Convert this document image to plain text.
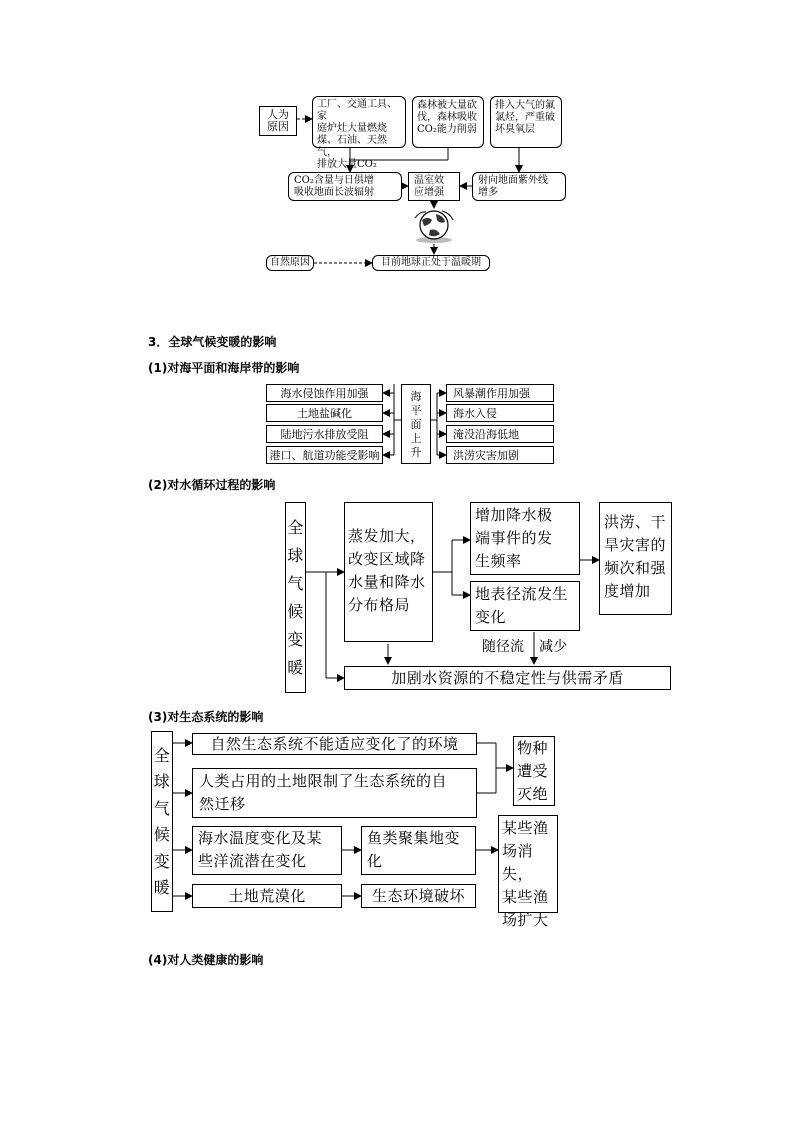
人为原因
工厂、交通工具、家
庭炉灶大量燃烧
煤、石油、天然气，
排放大量CO₂
森林被大量砍
伐，森林吸收
CO₂能力削弱
排入大气的氟
氯烃，严重破
坏臭氧层
CO₂含量与日俱增
吸收地面长波辐射
温室效
应增强
射向地面紫外线
增多
自然原因	目前地球正处于温暖期
3．全球气候变暖的影响
(1)对海平面和海岸带的影响
(2)对水循环过程的影响
(3)对生态系统的影响
(4)对人类健康的影响
海水侵蚀作用加强
土地盐碱化
陆地污水排放受阻
港口、航道功能受影响
海
平
面
上
升
风暴潮作用加强
海水入侵
淹没沿海低地
洪涝灾害加剧
全
球
气
候
变
暖
蒸发加大，
改变区域降
水量和降水
分布格局
增加降水极
端事件的发
生频率
地表径流发生
变化
洪涝、干
旱灾害的
频次和强
度增加
随径流 减少
加剧水资源的不稳定性与供需矛盾
全
球
气
候
变
暖
自然生态系统不能适应变化了的环境
人类占用的土地限制了生态系统的自
然迁移
物种
遭受
灭绝
海水温度变化及某
些洋流潜在变化
鱼类聚集地变
化
某些渔
场消失，
某些渔
场扩大
土地荒漠化	生态环境破坏
